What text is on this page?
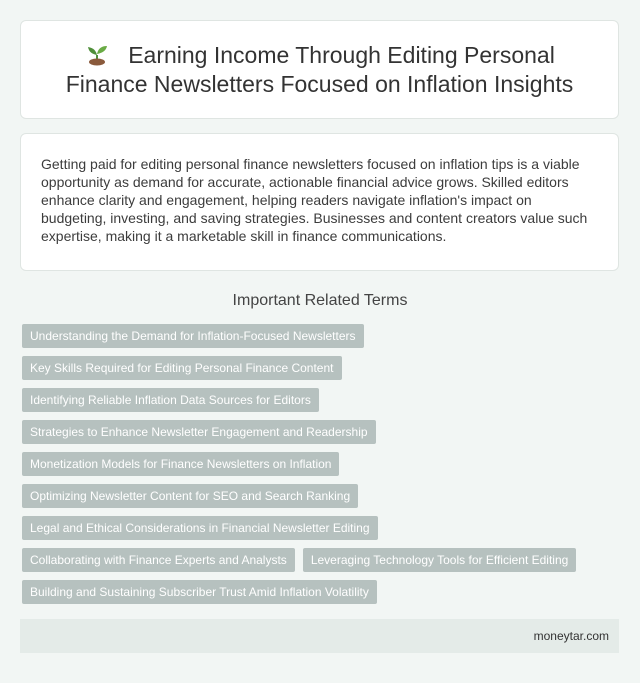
Earning Income Through Editing Personal Finance Newsletters Focused on Inflation Insights

Getting paid for editing personal finance newsletters focused on inflation tips is a viable opportunity as demand for accurate, actionable financial advice grows. Skilled editors enhance clarity and engagement, helping readers navigate inflation's impact on budgeting, investing, and saving strategies. Businesses and content creators value such expertise, making it a marketable skill in finance communications.

Important Related Terms
Understanding the Demand for Inflation-Focused Newsletters
Key Skills Required for Editing Personal Finance Content
Identifying Reliable Inflation Data Sources for Editors
Strategies to Enhance Newsletter Engagement and Readership
Monetization Models for Finance Newsletters on Inflation
Optimizing Newsletter Content for SEO and Search Ranking
Legal and Ethical Considerations in Financial Newsletter Editing
Collaborating with Finance Experts and Analysts	Leveraging Technology Tools for Efficient Editing
Building and Sustaining Subscriber Trust Amid Inflation Volatility
moneytar.com
